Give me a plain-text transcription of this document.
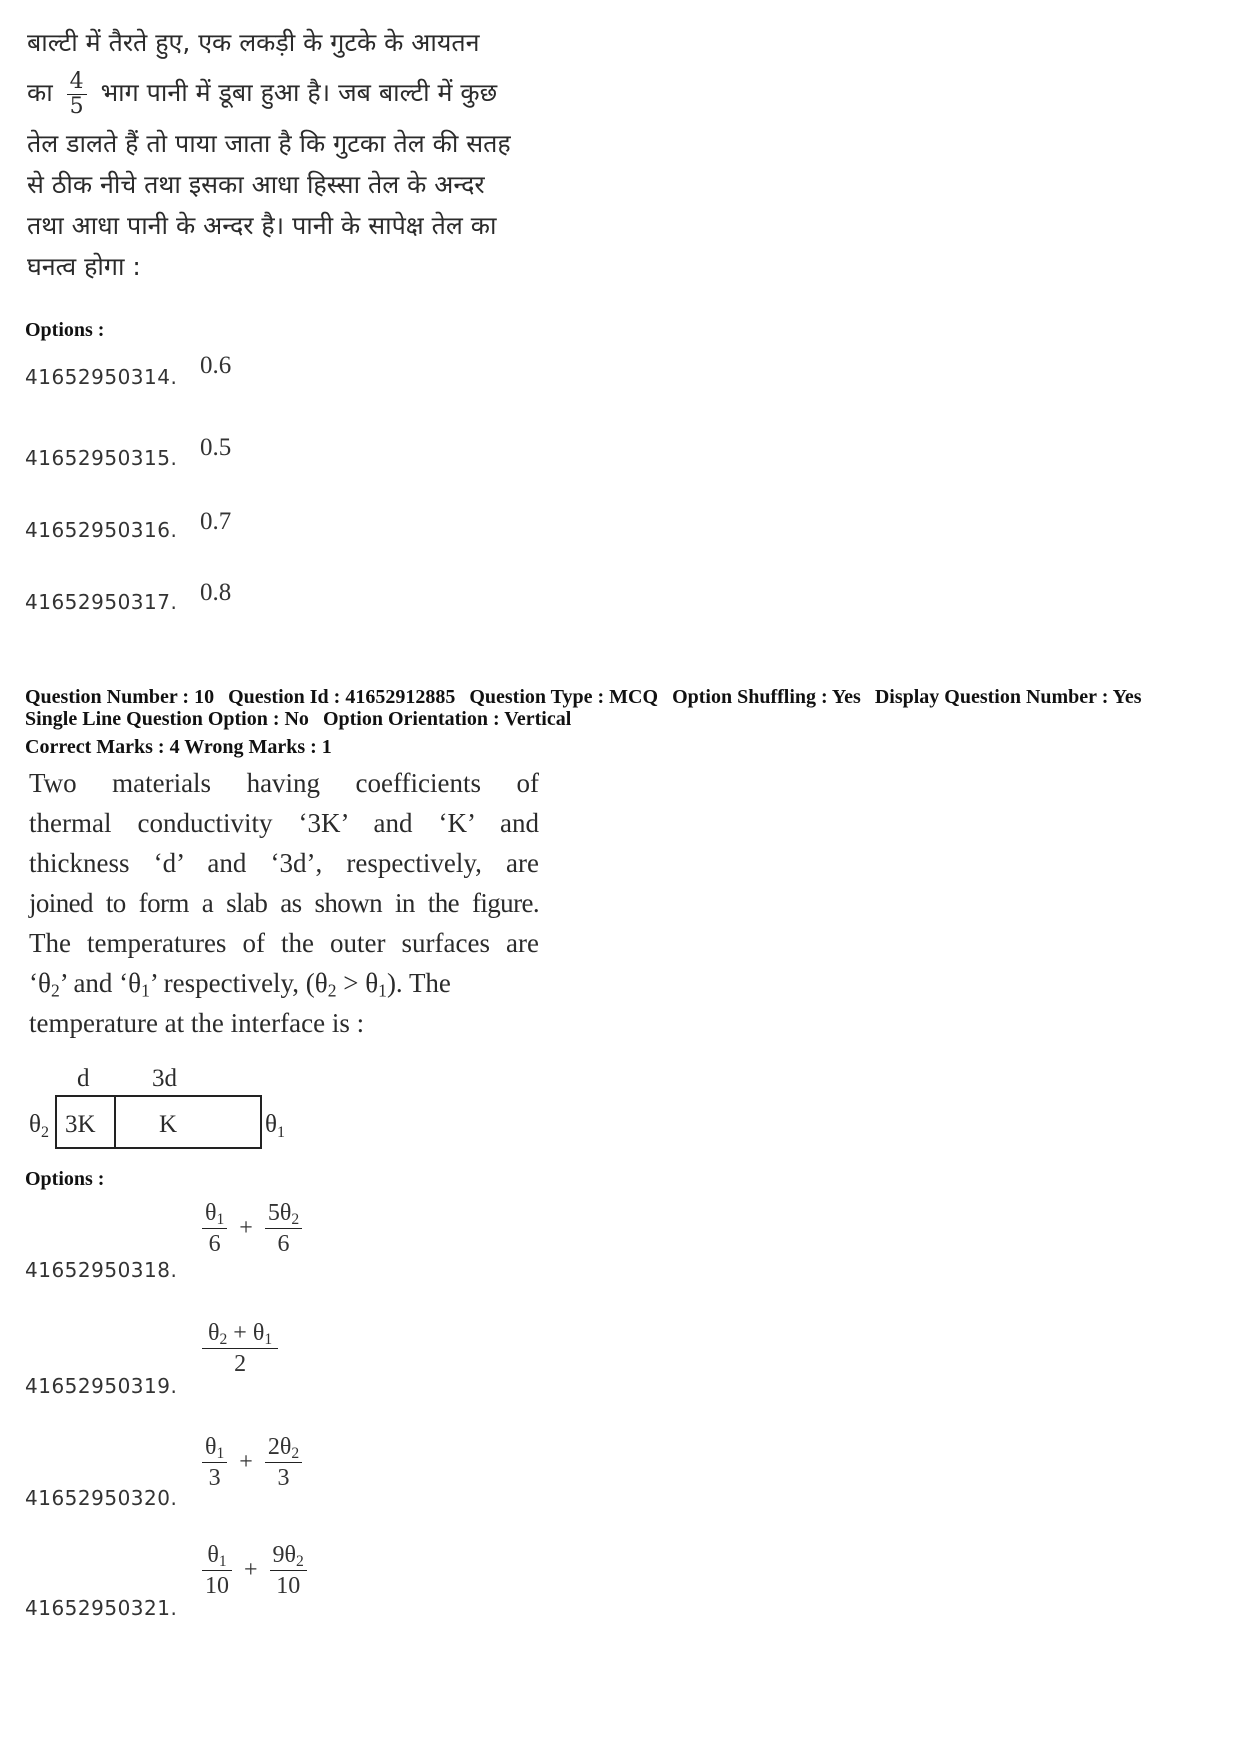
बाल्टी में तैरते हुए, एक लकड़ी के गुटके के आयतन
का $\frac{4}{5}$ भाग पानी में डूबा हुआ है। जब बाल्टी में कुछ
तेल डालते हैं तो पाया जाता है कि गुटका तेल की सतह
से ठीक नीचे तथा इसका आधा हिस्सा तेल के अन्दर
तथा आधा पानी के अन्दर है। पानी के सापेक्ष तेल का
घनत्व होगा :
Options :
41652950314. 0.6
41652950315. 0.5
41652950316. 0.7
41652950317. 0.8
Question Number : 10 Question Id : 41652912885 Question Type : MCQ Option Shuffling : Yes Display Question Number : Yes
Single Line Question Option : No Option Orientation : Vertical
Correct Marks : 4 Wrong Marks : 1
Two materials having coefficients of
thermal conductivity ‘3K’ and ‘K’ and
thickness ‘d’ and ‘3d’, respectively, are
joined to form a slab as shown in the figure.
The temperatures of the outer surfaces are
‘$\theta_2$’ and ‘$\theta_1$’ respectively, $(\theta_2 > \theta_1)$. The
temperature at the interface is :
d	3d
3K	K
$\theta_2$	$\theta_1$
Options :
41652950318.
$\frac{\theta_1}{6} + \frac{5\theta_2}{6}$
41652950319.
$\frac{\theta_2 + \theta_1}{2}$
41652950320.
$\frac{\theta_1}{3} + \frac{2\theta_2}{3}$
41652950321.
$\frac{\theta_1}{10} + \frac{9\theta_2}{10}$
